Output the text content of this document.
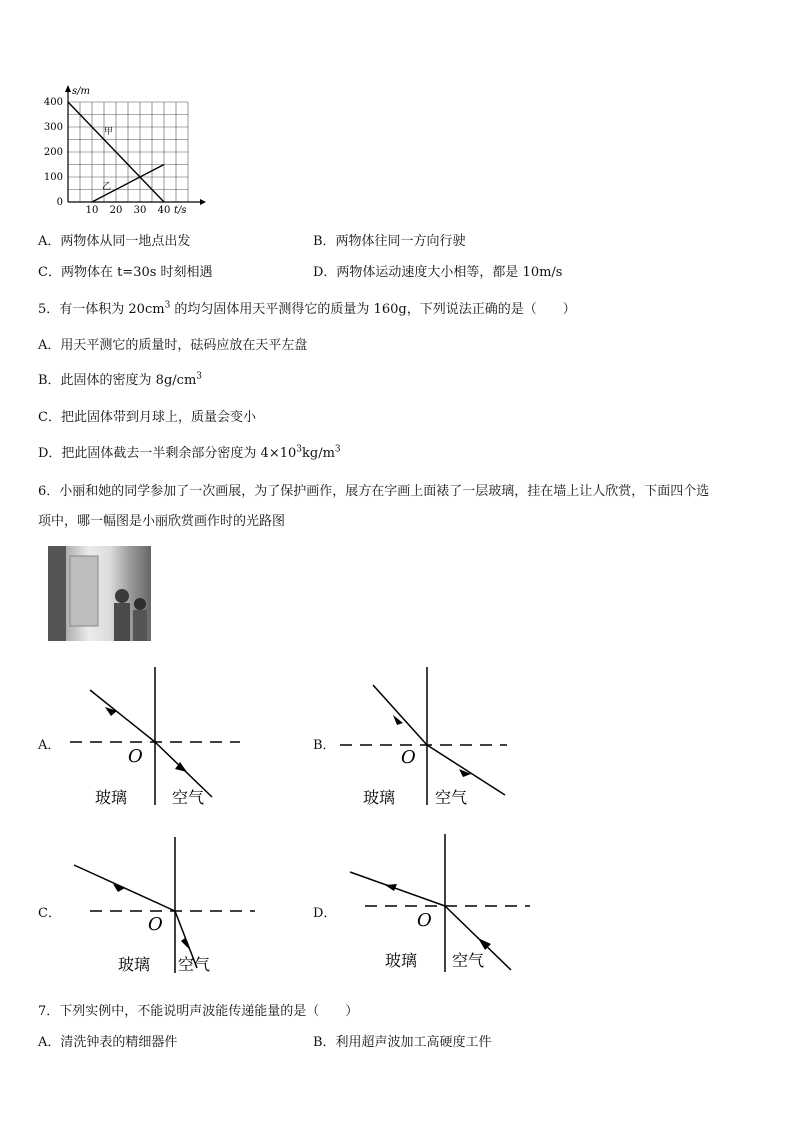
s/m
t/s
400
300
200
100
0
10 20 30 40
甲
乙
A．两物体从同一地点出发	B．两物体往同一方向行驶
C．两物体在 t=30s 时刻相遇	D．两物体运动速度大小相等，都是 10m/s
5．有一体积为 $20cm^3$ 的均匀固体用天平测得它的质量为 160g，下列说法正确的是（　　）
A．用天平测它的质量时，砝码应放在天平左盘
B．此固体的密度为 $8g/cm^3$
C．把此固体带到月球上，质量会变小
D．把此固体截去一半剩余部分密度为 $4\times 10^3kg/m^3$
6．小丽和她的同学参加了一次画展，为了保护画作，展方在字画上面裱了一层玻璃，挂在墙上让人欣赏，下面四个选
项中，哪一幅图是小丽欣赏画作时的光路图
A．
O
玻璃	空气
B．
O
玻璃 空气
C．
O
玻璃 空气
D．	O
玻璃 空气
7．下列实例中，不能说明声波能传递能量的是（　　）
A．清洗钟表的精细器件	B．利用超声波加工高硬度工件
